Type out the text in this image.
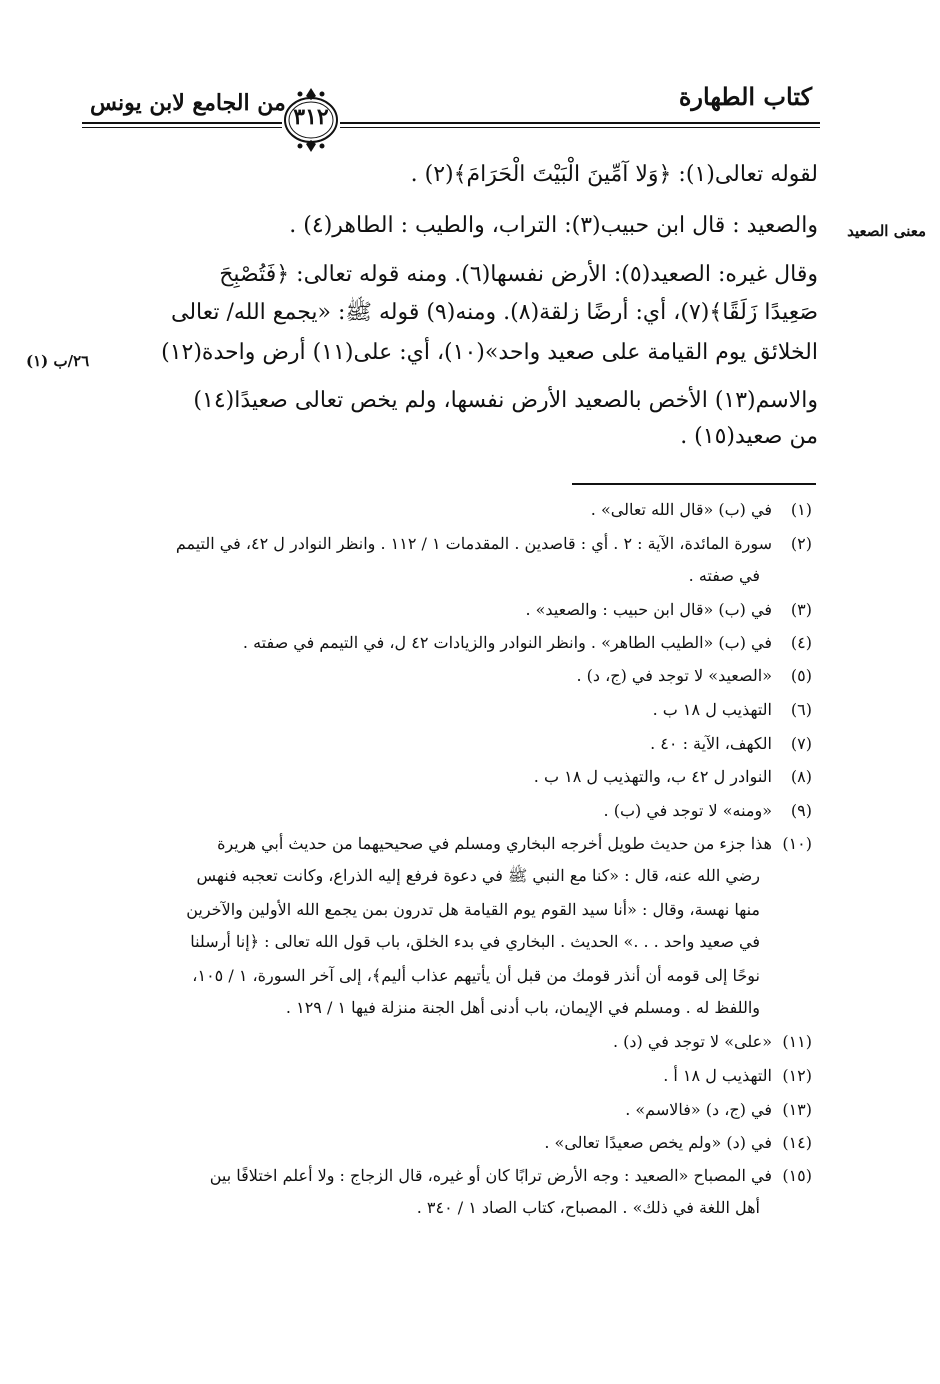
كتاب الطهارة
من الجامع لابن يونس
٣١٢
معنى الصعيد
٢٦/ب (١)
لقوله تعالى(١): ﴿وَلا آمِّينَ الْبَيْتَ الْحَرَامَ﴾(٢) .
والصعيد : قال ابن حبيب(٣): التراب، والطيب : الطاهر(٤) .
وقال غيره: الصعيد(٥): الأرض نفسها(٦). ومنه قوله تعالى: ﴿فَتُصْبِحَ
صَعِيدًا زَلَقًا﴾(٧)، أي: أرضًا زلقة(٨). ومنه(٩) قوله ﷺ: «يجمع الله/ تعالى
الخلائق يوم القيامة على صعيد واحد»(١٠)، أي: على(١١) أرض واحدة(١٢)
والاسم(١٣) الأخص بالصعيد الأرض نفسها، ولم يخص تعالى صعيدًا(١٤)
من صعيد(١٥) .
(١)في (ب) «قال الله تعالى» .
(٢)سورة المائدة، الآية : ٢ . أي : قاصدين . المقدمات ١ / ١١٢ . وانظر النوادر ل ٤٢، في التيمم
في صفته .
(٣)في (ب) «قال ابن حبيب : والصعيد» .
(٤)في (ب) «الطيب الطاهر» . وانظر النوادر والزيادات ٤٢ ل، في التيمم في صفته .
(٥)«الصعيد» لا توجد في (ج، د) .
(٦)التهذيب ل ١٨ ب .
(٧)الكهف، الآية : ٤٠ .
(٨)النوادر ل ٤٢ ب، والتهذيب ل ١٨ ب .
(٩)«ومنه» لا توجد في (ب) .
(١٠)هذا جزء من حديث طويل أخرجه البخاري ومسلم في صحيحيهما من حديث أبي هريرة
رضي الله عنه، قال : «كنا مع النبي ﷺ في دعوة فرفع إليه الذراع، وكانت تعجبه فنهس
منها نهسة، وقال : «أنا سيد القوم يوم القيامة هل تدرون بمن يجمع الله الأولين والآخرين
في صعيد واحد . . .» الحديث . البخاري في بدء الخلق، باب قول الله تعالى : ﴿إنا أرسلنا
نوحًا إلى قومه أن أنذر قومك من قبل أن يأتيهم عذاب أليم﴾، إلى آخر السورة، ١ / ١٠٥،
واللفظ له . ومسلم في الإيمان، باب أدنى أهل الجنة منزلة فيها ١ / ١٢٩ .
(١١)«على» لا توجد في (د) .
(١٢)التهذيب ل ١٨ أ .
(١٣)في (ج، د) «فالاسم» .
(١٤)في (د) «ولم يخص صعيدًا تعالى» .
(١٥)في المصباح «الصعيد : وجه الأرض ترابًا كان أو غيره، قال الزجاج : ولا أعلم اختلافًا بين
أهل اللغة في ذلك» . المصباح، كتاب الصاد ١ / ٣٤٠ .
